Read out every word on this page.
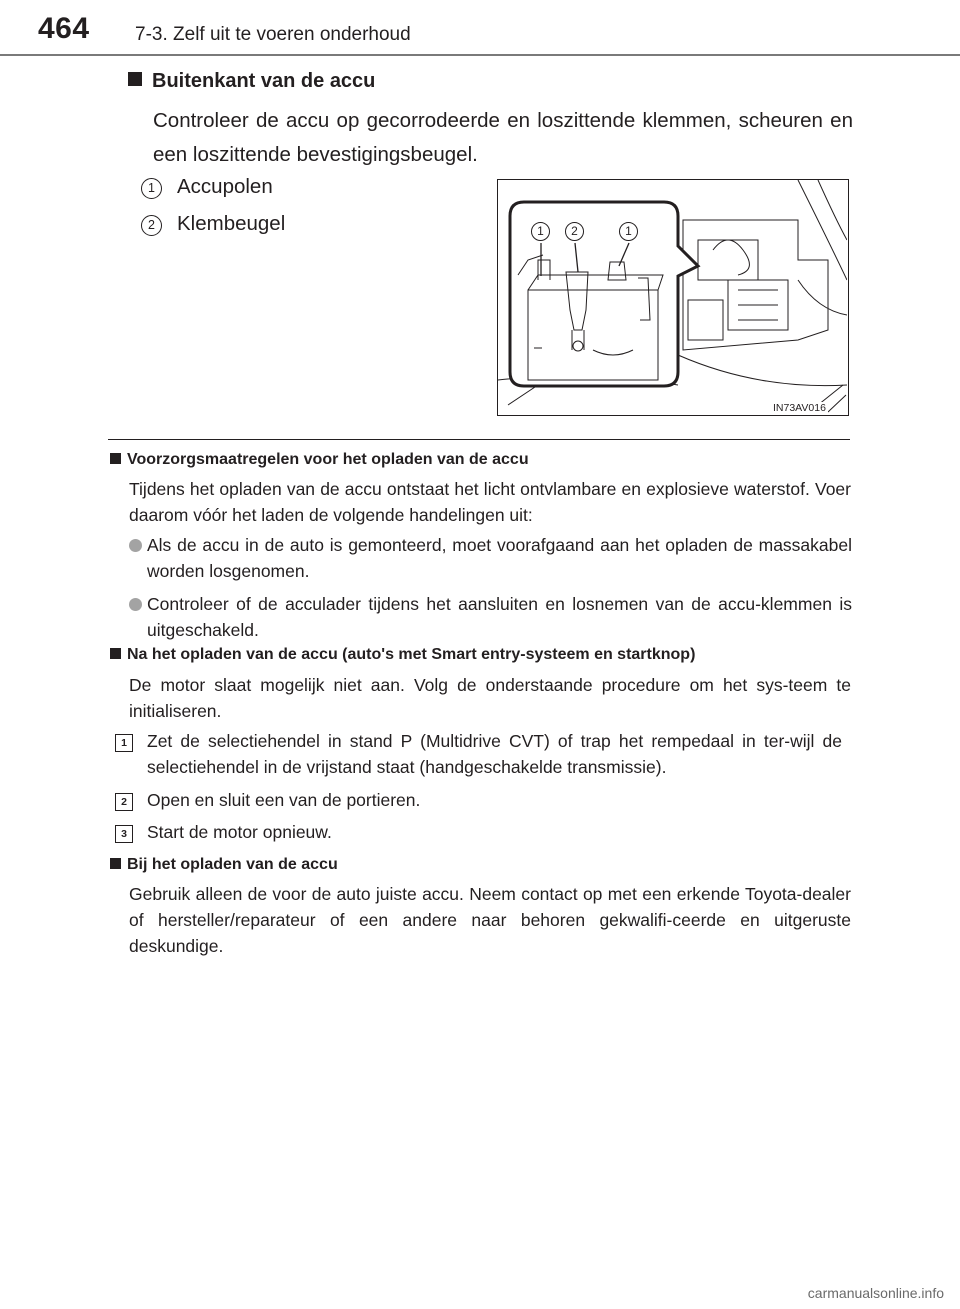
464 7-3. Zelf uit te voeren onderhoud
Buitenkant van de accu
Controleer de accu op gecorrodeerde en loszittende klemmen, scheuren en een loszittende bevestigingsbeugel.
1	Accupolen
2	Klembeugel	1	2	1
IN73AV016
Voorzorgsmaatregelen voor het opladen van de accu
Tijdens het opladen van de accu ontstaat het licht ontvlambare en explosieve waterstof. Voer daarom vóór het laden de volgende handelingen uit:
Als de accu in de auto is gemonteerd, moet voorafgaand aan het opladen de massakabel worden losgenomen.
Controleer of de acculader tijdens het aansluiten en losnemen van de accu-klemmen is uitgeschakeld.
Na het opladen van de accu (auto's met Smart entry-systeem en startknop)
De motor slaat mogelijk niet aan. Volg de onderstaande procedure om het sys-teem te initialiseren.
1	Zet de selectiehendel in stand P (Multidrive CVT) of trap het rempedaal in ter-wijl de selectiehendel in de vrijstand staat (handgeschakelde transmissie).
2	Open en sluit een van de portieren.
3	Start de motor opnieuw.
Bij het opladen van de accu
Gebruik alleen de voor de auto juiste accu. Neem contact op met een erkende Toyota-dealer of hersteller/reparateur of een andere naar behoren gekwalifi-ceerde en uitgeruste deskundige.
carmanualsonline.info
